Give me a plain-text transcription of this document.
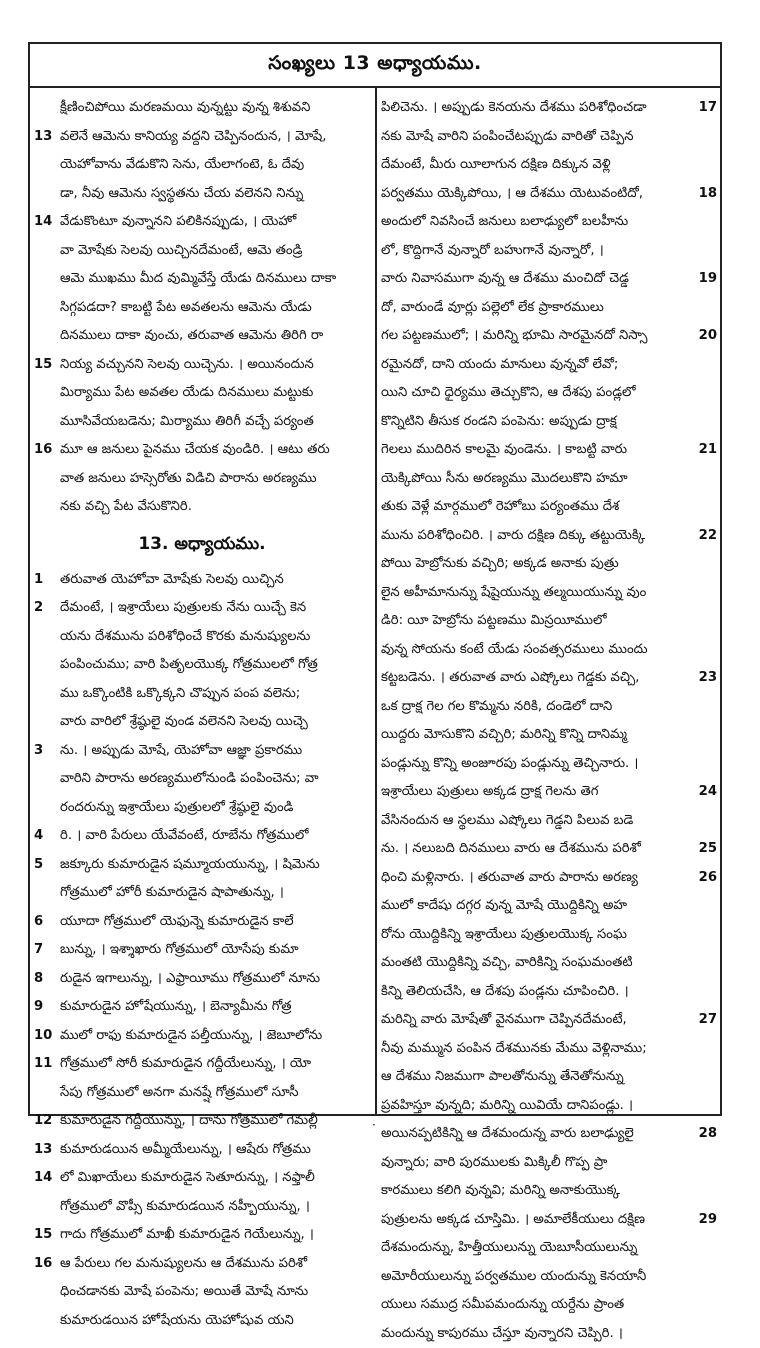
సంఖ్యలు 13 అధ్యాయము.
క్షీణించిపోయి మరణమయి వున్నట్టు వున్న శిశువని
13 వలెనే ఆమెను కానియ్య వద్దని చెప్పినందున, । మోషే,
యెహోవాను వేడుకొని సెను, యేలాగంటె, ఓ దేవు
డా, నీవు ఆమెను స్వస్థతను చేయ వలెనని నిన్ను
14 వేడుకొంటూ వున్నానని పలికినప్పుడు, । యెహో
వా మోషేకు సెలవు యిచ్చినదేమంటే, ఆమె తండ్రి
ఆమె ముఖము మీద వుమ్మివేస్తే యేడు దినములు దాకా
సిగ్గపడదా? కాబట్టి పేట అవతలను ఆమెను యేడు
దినములు దాకా వుంచు, తరువాత ఆమెను తిరిగి రా
15 నియ్య వచ్చునని సెలవు యిచ్చెను. । అయినందున
మిర్యాము పేట అవతల యేడు దినములు మట్టుకు
మూసివేయబడెను; మిర్యాము తిరిగీ వచ్చే పర్యంత
16 మూ ఆ జనులు పైనము చేయక వుండిరి. । ఆటు తరు
వాత జనులు హస్సెరోతు విడిచి పారాను అరణ్యము
నకు వచ్చి పేట వేసుకొనిరి.
13. అధ్యాయము.
1 తరువాత యెహోవా మోషేకు సెలవు యిచ్చిన
2 దేమంటే, । ఇశ్రాయేలు పుత్రులకు నేను యిచ్చే కెన
యను దేశమును పరిశోధించే కొరకు మనుష్యులను
పంపించుము; వారి పితృలయొక్క గోత్రములలో గోత్ర
ము ఒక్కొంటికి ఒక్కొక్కని చొప్పున పంప వలెను;
వారు వారిలో శ్రేష్ఠులై వుండ వలెనని సెలవు యిచ్చె
3 ను. । అప్పుడు మోషే, యెహోవా ఆజ్ఞా ప్రకారము
వారిని పారాను అరణ్యములోనుండి పంపించెను; వా
రందరున్ను ఇశ్రాయేలు పుత్రులలో శ్రేష్ఠులై వుండి
4 రి. । వారి పేరులు యేవేవంటే, రూబేను గోత్రములో
5 జక్కూరు కుమారుడైన షమ్మూయయున్ను, । షిమెను
గోత్రములో హోరీ కుమారుడైన షాపాతున్ను, ।
6 యూదా గోత్రములో యెఫున్నె కుమారుడైన కాలే
7 బున్ను, । ఇశ్శాఖారు గోత్రములో యోసేపు కుమా
8 రుడైన ఇగాలున్ను, । ఎఫ్రాయీము గోత్రములో నూను
9 కుమారుడైన హోషేయున్ను, । బెన్యామీను గోత్ర
10 ములో రాఫు కుమారుడైన పల్తీయున్ను, । జెబూలోను
11 గోత్రములో సోరీ కుమారుడైన గద్దీయేలున్ను, । యో
సేపు గోత్రములో అనగా మనష్షే గోత్రములో సూసీ
12 కుమారుడైన గద్దీయున్ను, । దాను గోత్రములో గెమల్లీ
13 కుమారుడయిన అమ్మీయేలున్ను, । ఆషేరు గోత్రము
14 లో మిఖాయేలు కుమారుడైన సెతూరున్ను, । నఫ్తాలీ
గోత్రములో వొప్సీ కుమారుడయిన నహ్బీయున్ను, ।
15 గాదు గోత్రములో మాఖీ కుమారుడైన గెయేలున్ను, ।
16 ఆ పేరులు గల మనుష్యులను ఆ దేశమును పరిశో
ధించడానకు మోషే పంపెను; అయితే మోషే నూను
కుమారుడయిన హోషేయను యెహోషువ యని
17
పిలిచెను. । అప్పుడు కెనయను దేశము పరిశోధించడా
నకు మోషే వారిని పంపించేటప్పుడు వారితో చెప్పిన
దేమంటే, మీరు యీలాగున దక్షిణ దిక్కున వెళ్లి
18
పర్వతము యెక్కిపోయి, । ఆ దేశము యెటువంటిదో,
అందులో నివసించే జనులు బలాఢ్యులో బలహీను
లో, కొద్దిగానే వున్నారో బహుగానే వున్నారో, ।
19
వారు నివాసముగా వున్న ఆ దేశము మంచిదో చెడ్డ
దో, వారుండే వూర్లు పల్లెలో లేక ప్రాకారములు
20
గల పట్టణములో; । మరిన్ని భూమి సారమైనదో నిస్సా
రమైనదో, దాని యందు మానులు వున్నవో లేవో;
యిని చూచి ధైర్యము తెచ్చుకొని, ఆ దేశపు పండ్లలో
కొన్నిటిని తీసుక రండని పంపెను: అప్పుడు ద్రాక్ష
21
గెలలు ముదిరిన కాలమై వుండెను. । కాబట్టి వారు
యెక్కిపోయి సీను అరణ్యము మొదలుకొని హమా
తుకు వెళ్లే మార్గములో రెహోబు పర్యంతము దేశ
22
మును పరిశోధించిరి. । వారు దక్షిణ దిక్కు తట్టుయెక్కి
పోయి హెబ్రోనుకు వచ్చిరి; అక్కడ అనాకు పుత్రు
లైన అహీమానున్ను షేషైయున్ను తల్మయియున్ను వుం
డిరి: యీ హెబ్రోను పట్టణము మిస్రయీములో
వున్న సోయను కంటే యేడు సంవత్సరములు ముందు
23
కట్టబడెను. । తరువాత వారు ఎష్కోలు గెడ్డకు వచ్చి,
ఒక ద్రాక్ష గెల గల కొమ్మను నరికి, దండెలో దాని
యిద్దరు మోసుకొని వచ్చిరి; మరిన్ని కొన్ని దానిమ్మ
పండ్లున్ను కొన్ని అంజూరపు పండ్లున్ను తెచ్చినారు. ।
24
ఇశ్రాయేలు పుత్రులు అక్కడ ద్రాక్ష గెలను తెగ
వేసినందున ఆ స్థలము ఎష్కోలు గెడ్డని పిలువ బడె
25
ను. । నలుబది దినములు వారు ఆ దేశమును పరిశో
26
ధించి మళ్లినారు. । తరువాత వారు పారాను అరణ్య
ములో కాదేషు దగ్గర వున్న మోషే యొద్దికిన్ని అహ
రోను యొద్దికిన్ని ఇశ్రాయేలు పుత్రులయొక్క సంఘ
మంతటి యొద్దికిన్ని వచ్చి, వారికిన్ని సంఘమంతటి
కిన్ని తెలియచేసి, ఆ దేశపు పండ్లను చూపించిరి. ।
27
మరిన్ని వారు మోషేతో వైనముగా చెప్పినదేమంటే,
నీవు మమ్మున పంపిన దేశమునకు మేము వెళ్లినాము;
ఆ దేశము నిజముగా పాలతోనున్ను తేనెతోనున్ను
ప్రవహిస్తూ వున్నది; మరిన్ని యివియే దానిపండ్లు. ।
28
అయినప్పటికిన్ని ఆ దేశమందున్న వారు బలాఢ్యులై
వున్నారు; వారి పురములకు మిక్కిలీ గొప్ప ప్రా
కారములు కలిగి వున్నవి; మరిన్ని అనాకుయొక్క
29
పుత్రులను అక్కడ చూస్తిమి. । అమాలేకీయులు దక్షిణ
దేశమందున్ను, హిత్తీయులున్ను యెబూసీయులున్ను
అమోరీయులున్ను పర్వతముల యందున్ను కెనయానీ
యులు సముద్ర సమీపమందున్ను యర్దేను ప్రాంత
మందున్ను కాపురము చేస్తూ వున్నారని చెప్పిరి. ।
·
